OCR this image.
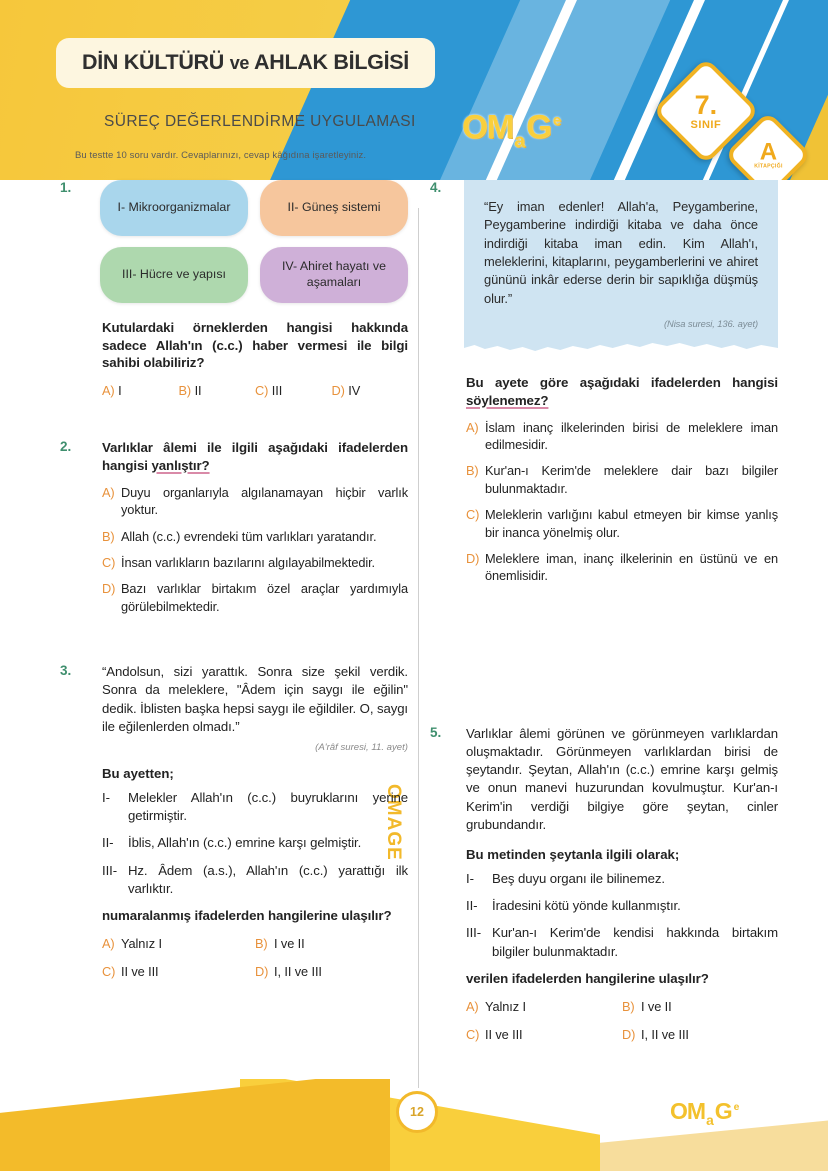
DİN KÜLTÜRÜ ve AHLAK BİLGİSİ
SÜREÇ DEĞERLENDİRME UYGULAMASI
Bu testte 10 soru vardır. Cevaplarınızı, cevap kâğıdına işaretleyiniz.
$OM_aG^e$
7.
SINIF
A
KİTAPÇIĞI
OMAGE
1.
I- Mikroorganizmalar	II- Güneş sistemi
III- Hücre ve yapısı
IV- Ahiret hayatı ve aşamaları
Kutulardaki örneklerden hangisi hakkında sadece Allah'ın (c.c.) haber vermesi ile bilgi sahibi olabiliriz?
A) I	B) II	C) III	D) IV
2.	Varlıklar âlemi ile ilgili aşağıdaki ifadelerden hangisi yanlıştır?
A) Duyu organlarıyla algılanamayan hiçbir varlık yoktur.
B) Allah (c.c.) evrendeki tüm varlıkları yaratandır.
C) İnsan varlıkların bazılarını algılayabilmektedir.
D) Bazı varlıklar birtakım özel araçlar yardımıyla görülebilmektedir.
3.	“Andolsun, sizi yarattık. Sonra size şekil verdik. Sonra da meleklere, "Âdem için saygı ile eğilin" dedik. İblisten başka hepsi saygı ile eğildiler. O, saygı ile eğilenlerden olmadı.”
(A'râf suresi, 11. ayet)
Bu ayetten;
I-	Melekler Allah'ın (c.c.) buyruklarını yerine getirmiştir.
II-	İblis, Allah'ın (c.c.) emrine karşı gelmiştir.
III- Hz. Âdem (a.s.), Allah'ın (c.c.) yarattığı ilk varlıktır.
numaralanmış ifadelerden hangilerine ulaşılır?
A) Yalnız I	B) I ve II
C) II ve III	D) I, II ve III
4.
“Ey iman edenler! Allah'a, Peygamberine, Peygamberine indirdiği kitaba ve daha önce indirdiği kitaba iman edin. Kim Allah'ı, meleklerini, kitaplarını, peygamberlerini ve ahiret gününü inkâr ederse derin bir sapıklığa düşmüş olur.”
(Nisa suresi, 136. ayet)
Bu ayete göre aşağıdaki ifadelerden hangisi söylenemez?
A) İslam inanç ilkelerinden birisi de meleklere iman edilmesidir.
B) Kur'an-ı Kerim'de meleklere dair bazı bilgiler bulunmaktadır.
C) Meleklerin varlığını kabul etmeyen bir kimse yanlış bir inanca yönelmiş olur.
D) Meleklere iman, inanç ilkelerinin en üstünü ve en önemlisidir.
5.	Varlıklar âlemi görünen ve görünmeyen varlıklardan oluşmaktadır. Görünmeyen varlıklardan birisi de şeytandır. Şeytan, Allah'ın (c.c.) emrine karşı gelmiş ve onun manevi huzurundan kovulmuştur. Kur'an-ı Kerim'in verdiği bilgiye göre şeytan, cinler grubundandır.
Bu metinden şeytanla ilgili olarak;
I-	Beş duyu organı ile bilinemez.
II-	İradesini kötü yönde kullanmıştır.
III- Kur'an-ı Kerim'de kendisi hakkında birtakım bilgiler bulunmaktadır.
verilen ifadelerden hangilerine ulaşılır?
A) Yalnız I	B) I ve II
C) II ve III	D) I, II ve III
12	$OM_aG^e$
